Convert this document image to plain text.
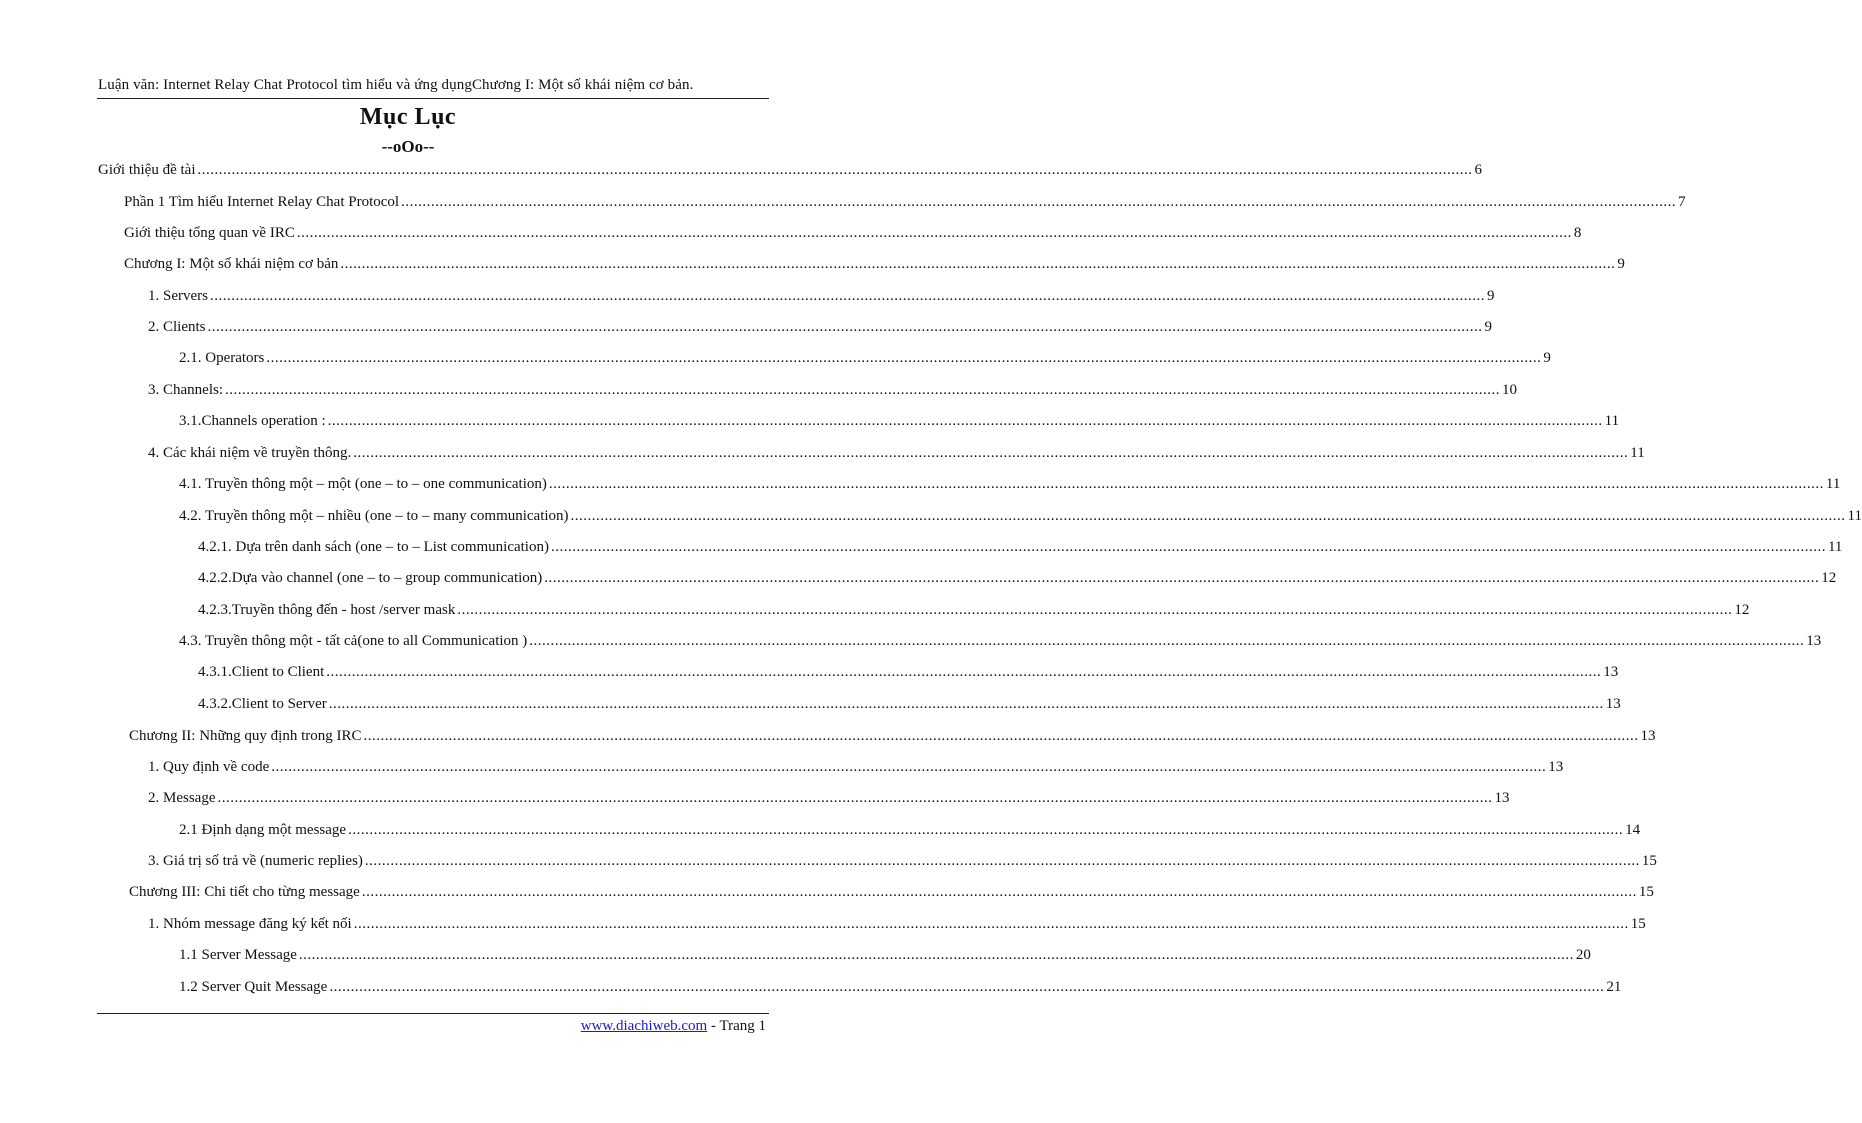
Luận văn: Internet Relay Chat Protocol tìm hiểu và ứng dụngChương I: Một số khái niệm cơ bản.
Mục Lục
--oOo--
Giới thiệu đề tài ............................................................................................................................................................................................................................................................................................................ 6
Phần 1 Tìm hiểu Internet Relay Chat Protocol ............................................................................................................................................................................................................................................................................................................ 7
Giới thiệu tổng quan về IRC ............................................................................................................................................................................................................................................................................................................ 8
Chương I: Một số khái niệm cơ bản ............................................................................................................................................................................................................................................................................................................ 9
1. Servers ............................................................................................................................................................................................................................................................................................................ 9
2. Clients ............................................................................................................................................................................................................................................................................................................ 9
2.1. Operators ............................................................................................................................................................................................................................................................................................................ 9
3. Channels: ............................................................................................................................................................................................................................................................................................................ 10
3.1.Channels operation : ............................................................................................................................................................................................................................................................................................................ 11
4. Các khái niệm về truyền thông. ............................................................................................................................................................................................................................................................................................................ 11
4.1. Truyền thông một – một (one – to – one communication) ............................................................................................................................................................................................................................................................................................................ 11
4.2. Truyền thông một – nhiều (one – to – many communication) ............................................................................................................................................................................................................................................................................................................ 11
4.2.1. Dựa trên danh sách (one – to – List communication) ............................................................................................................................................................................................................................................................................................................ 11
4.2.2.Dựa vào channel (one – to – group communication) ............................................................................................................................................................................................................................................................................................................ 12
4.2.3.Truyền thông đến - host /server mask ............................................................................................................................................................................................................................................................................................................ 12
4.3. Truyền thông một - tất cả(one to all Communication ) ............................................................................................................................................................................................................................................................................................................ 13
4.3.1.Client to Client ............................................................................................................................................................................................................................................................................................................ 13
4.3.2.Client to Server ............................................................................................................................................................................................................................................................................................................ 13
Chương II: Những quy định trong IRC ............................................................................................................................................................................................................................................................................................................ 13
1. Quy định về code ............................................................................................................................................................................................................................................................................................................ 13
2. Message ............................................................................................................................................................................................................................................................................................................ 13
2.1 Định dạng một message ............................................................................................................................................................................................................................................................................................................ 14
3. Giá trị số trả về (numeric replies) ............................................................................................................................................................................................................................................................................................................ 15
Chương III: Chi tiết cho từng message ............................................................................................................................................................................................................................................................................................................ 15
1. Nhóm message đăng ký kết nối ............................................................................................................................................................................................................................................................................................................ 15
1.1 Server Message ............................................................................................................................................................................................................................................................................................................ 20
1.2 Server Quit Message ............................................................................................................................................................................................................................................................................................................ 21
www.diachiweb.com - Trang 1
